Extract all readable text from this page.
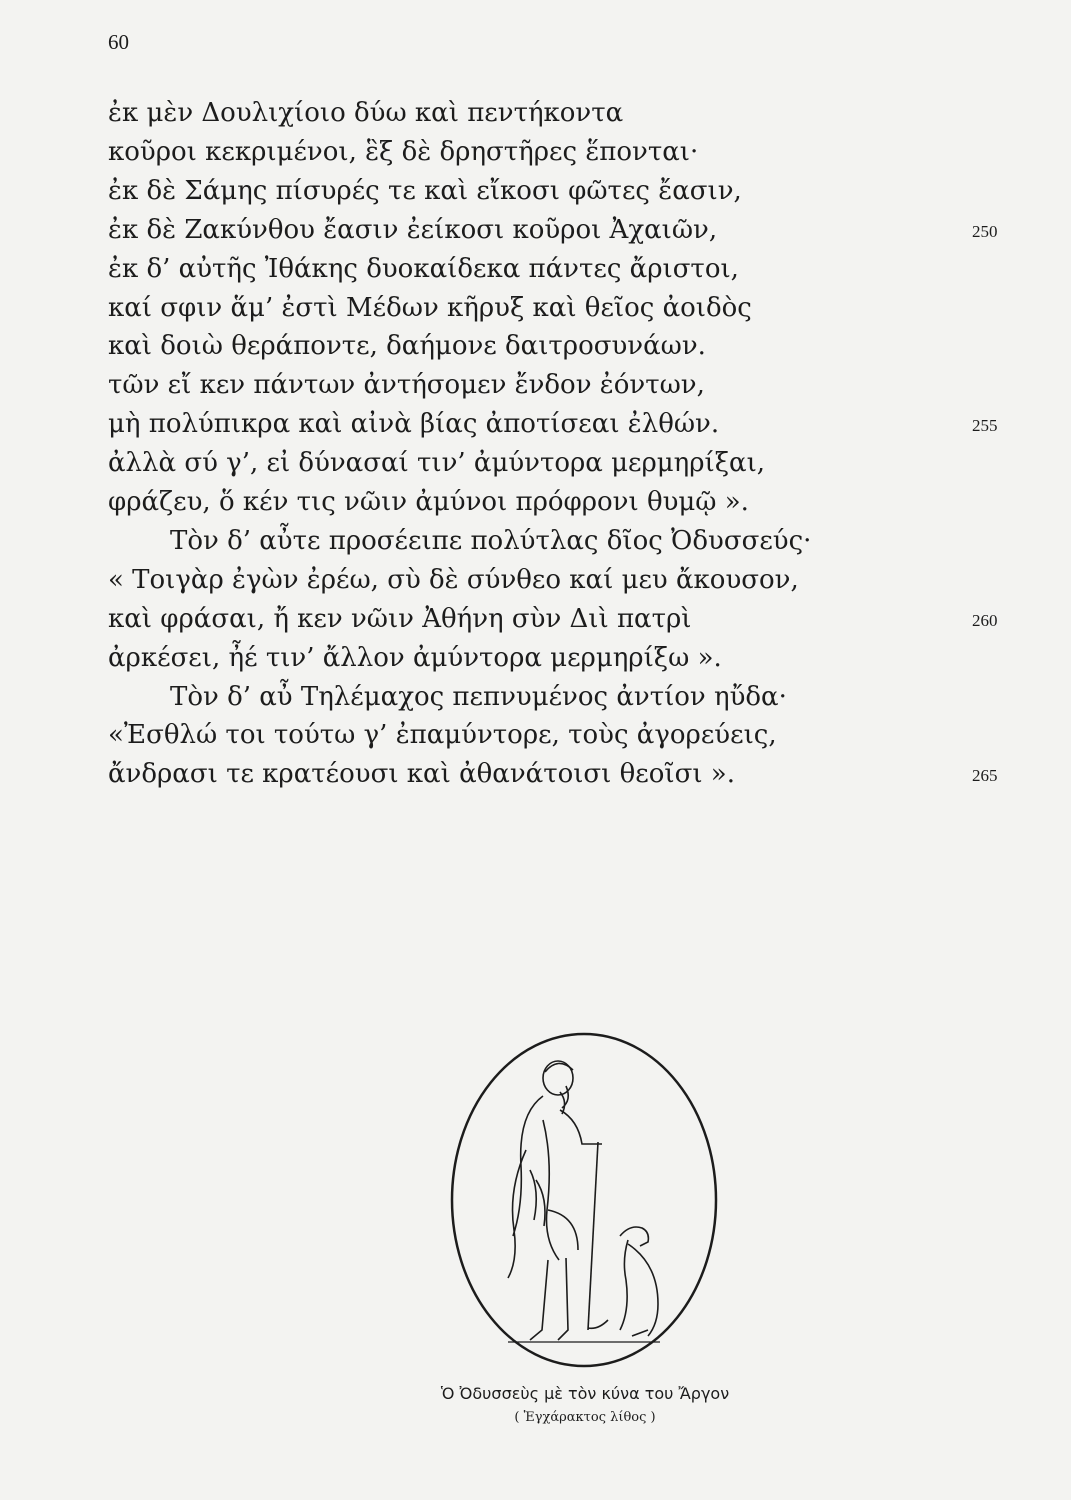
60
ἐκ μὲν Δουλιχίοιο δύω καὶ πεντήκοντα
κοῦροι κεκριμένοι, ἓξ δὲ δρηστῆρες ἕπονται·
ἐκ δὲ Σάμης πίσυρές τε καὶ εἴκοσι φῶτες ἔασιν,
ἐκ δὲ Ζακύνθου ἔασιν ἐείκοσι κοῦροι Ἀχαιῶν,
ἐκ δ’ αὐτῆς Ἰθάκης δυοκαίδεκα πάντες ἄριστοι,
καί σφιν ἅμ’ ἐστὶ Μέδων κῆρυξ καὶ θεῖος ἀοιδὸς
καὶ δοιὼ θεράποντε, δαήμονε δαιτροσυνάων.
τῶν εἴ κεν πάντων ἀντήσομεν ἔνδον ἐόντων,
μὴ πολύπικρα καὶ αἰνὰ βίας ἀποτίσεαι ἐλθών.
ἀλλὰ σύ γ’, εἰ δύνασαί τιν’ ἀμύντορα μερμηρίξαι,
φράζευ, ὅ κέν τις νῶιν ἀμύνοι πρόφρονι θυμῷ ».
Τὸν δ’ αὖτε προσέειπε πολύτλας δῖος Ὀδυσσεύς·
« Τοιγὰρ ἐγὼν ἐρέω, σὺ δὲ σύνθεο καί μευ ἄκουσον,
καὶ φράσαι, ἤ κεν νῶιν Ἀθήνη σὺν Διὶ πατρὶ
ἀρκέσει, ἦέ τιν’ ἄλλον ἀμύντορα μερμηρίξω ».
Τὸν δ’ αὖ Τηλέμαχος πεπνυμένος ἀντίον ηὔδα·
«Ἐσθλώ τοι τούτω γ’ ἐπαμύντορε, τοὺς ἀγορεύεις,
ἄνδρασι τε κρατέουσι καὶ ἀθανάτοισι θεοῖσι ».
250
255
260
265
Ὁ Ὀδυσσεὺς μὲ τὸν κύνα του Ἄργον
( Ἐγχάρακτος λίθος )
